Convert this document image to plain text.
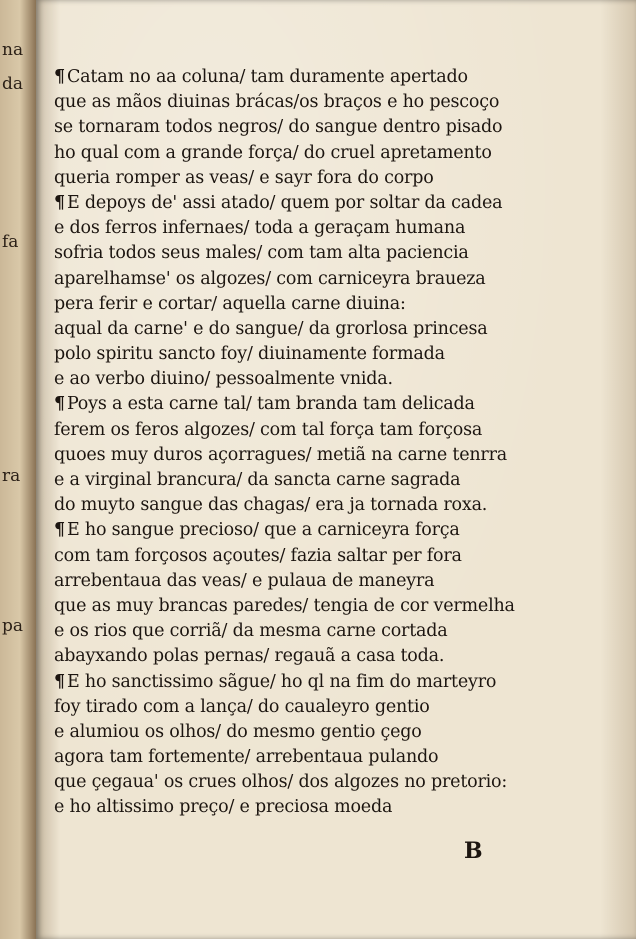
na
da
fa
ra
pa
¶ Catam no aa coluna/ tam duramente apertado
que as mãos diuinas brácas/os braços e ho pescoço
se tornaram todos negros/ do sangue dentro pisado
ho qual com a grande força/ do cruel apretamento
queria romper as veas/ e sayr fora do corpo
¶ E depoys de' assi atado/ quem por soltar da cadea
e dos ferros infernaes/ toda a geraçam humana
sofria todos seus males/ com tam alta paciencia
aparelhamse' os algozes/ com carniceyra braueza
pera ferir e cortar/ aquella carne diuina:
aqual da carne' e do sangue/ da grorlosa princesa
polo spiritu sancto foy/ diuinamente formada
e ao verbo diuino/ pessoalmente vnida.
¶ Poys a esta carne tal/ tam branda tam delicada
ferem os feros algozes/ com tal força tam forçosa
quoes muy duros açorragues/ metiã na carne tenrra
e a virginal brancura/ da sancta carne sagrada
do muyto sangue das chagas/ era ja tornada roxa.
¶ E ho sangue precioso/ que a carniceyra força
com tam forçosos açoutes/ fazia saltar per fora
arrebentaua das veas/ e pulaua de maneyra
que as muy brancas paredes/ tengia de cor vermelha
e os rios que corriã/ da mesma carne cortada
abayxando polas pernas/ regauã a casa toda.
¶ E ho sanctissimo sãgue/ ho ql na fim do marteyro
foy tirado com a lança/ do caualeyro gentio
e alumiou os olhos/ do mesmo gentio çego
agora tam fortemente/ arrebentaua pulando
que çegaua' os crues olhos/ dos algozes no pretorio:
e ho altissimo preço/ e preciosa moeda
B
